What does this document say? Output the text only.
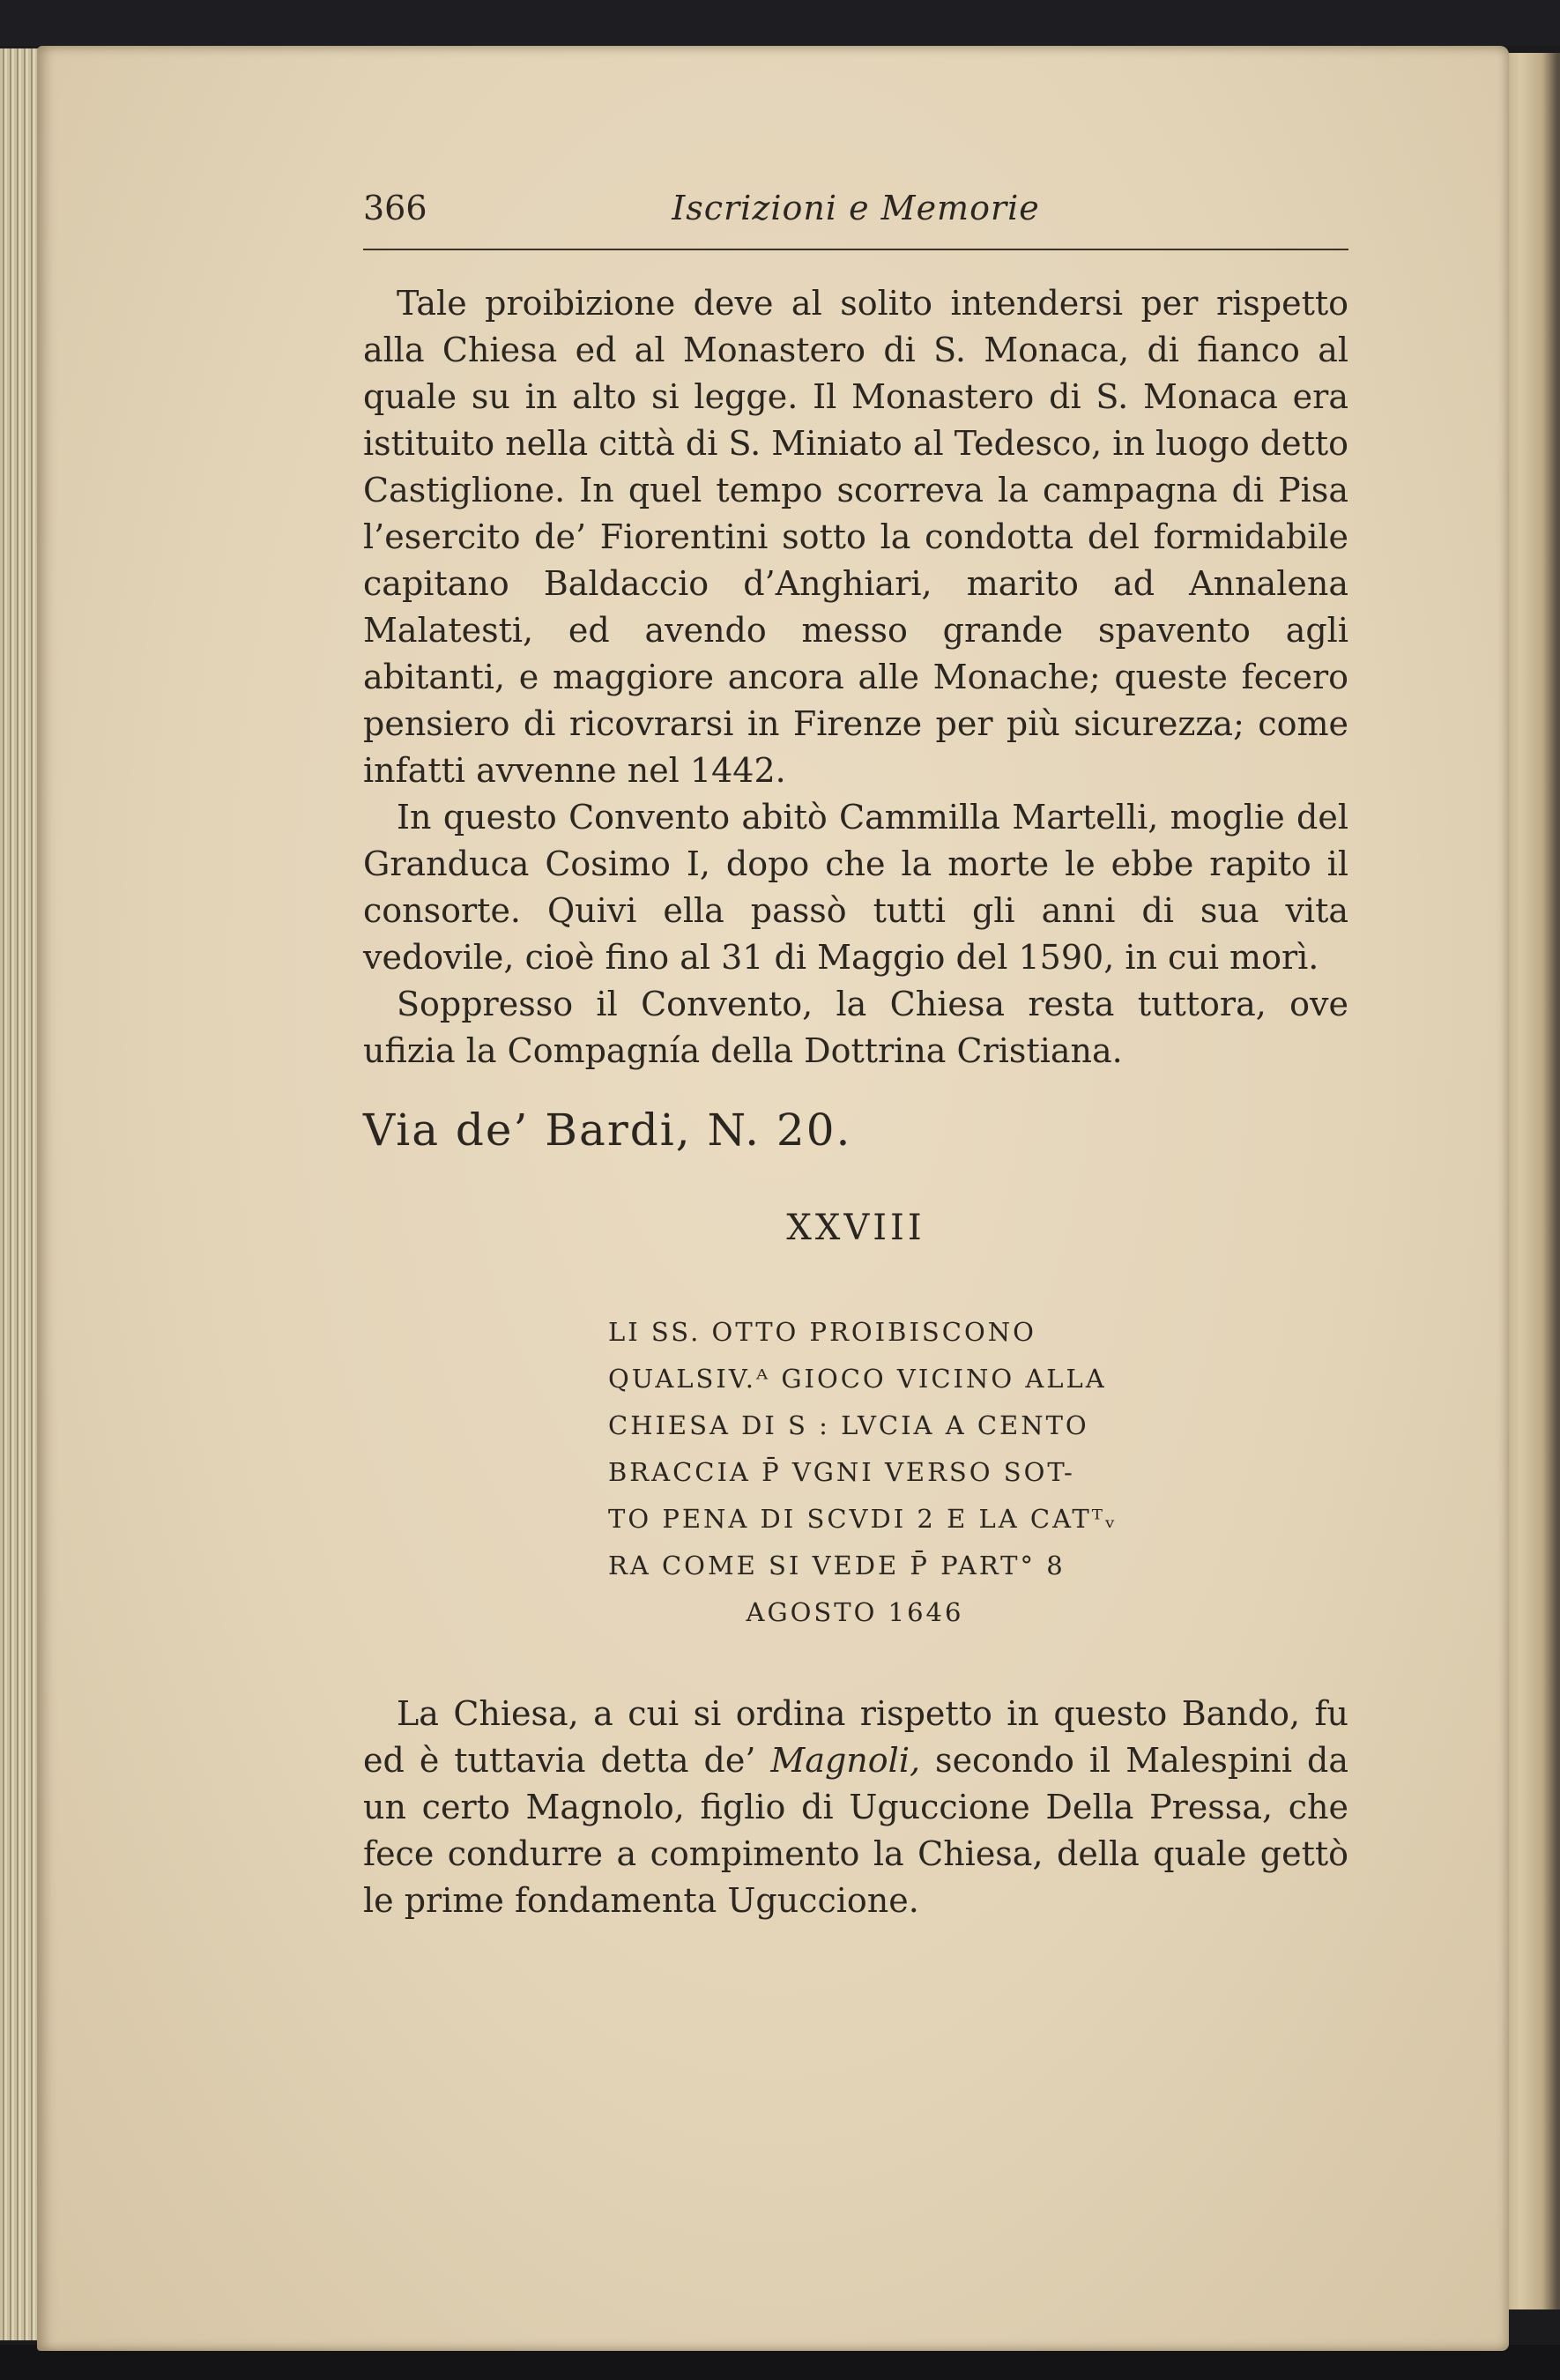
366	Iscrizioni e Memorie

Tale proibizione deve al solito intendersi per rispetto alla Chiesa ed al Monastero di S. Monaca, di fianco al quale su in alto si legge. Il Monastero di S. Monaca era istituito nella città di S. Miniato al Tedesco, in luogo detto Castiglione. In quel tempo scorreva la campagna di Pisa l’esercito de’ Fiorentini sotto la condotta del formidabile capitano Baldaccio d’Anghiari, marito ad Annalena Malatesti, ed avendo messo grande spavento agli abitanti, e maggiore ancora alle Monache; queste fecero pensiero di ricovrarsi in Firenze per più sicurezza; come infatti avvenne nel 1442.

In questo Convento abitò Cammilla Martelli, moglie del Granduca Cosimo I, dopo che la morte le ebbe rapito il consorte. Quivi ella passò tutti gli anni di sua vita vedovile, cioè fino al 31 di Maggio del 1590, in cui morì.

Soppresso il Convento, la Chiesa resta tuttora, ove ufizia la Compagnía della Dottrina Cristiana.

Via de’ Bardi, N. 20.
XXVIII
LI SS. OTTO PROIBISCONO
QUALSIV.ᴬ GIOCO VICINO ALLA
CHIESA DI S : LVCIA A CENTO
BRACCIA P̄ VGNI VERSO SOT-
TO PENA DI SCVDI 2 E LA CATᵀᵥ
RA COME SI VEDE P̄ PART° 8
AGOSTO 1646

La Chiesa, a cui si ordina rispetto in questo Bando, fu ed è tuttavia detta de’ Magnoli, secondo il Malespini da un certo Magnolo, figlio di Uguccione Della Pressa, che fece condurre a compimento la Chiesa, della quale gettò le prime fondamenta Uguccione.
